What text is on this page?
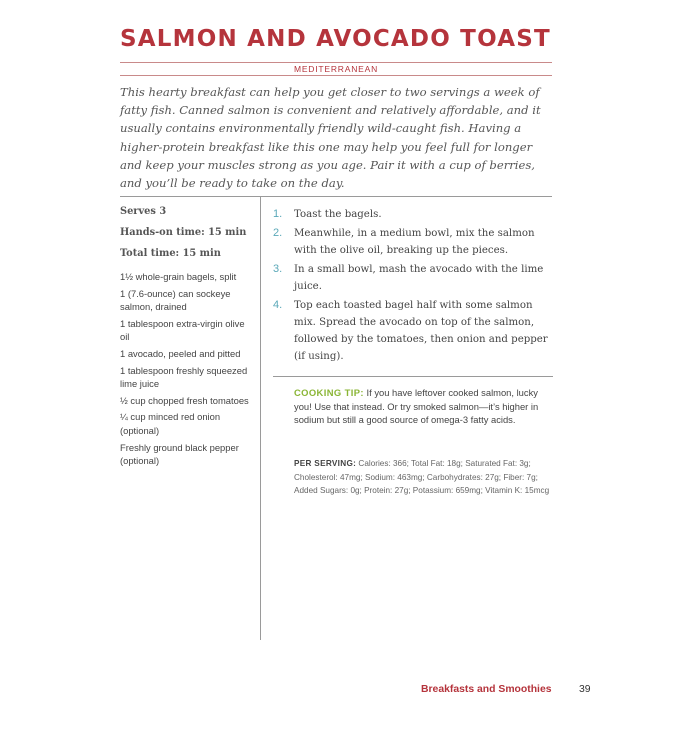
SALMON AND AVOCADO TOAST
MEDITERRANEAN

This hearty breakfast can help you get closer to two servings a week of fatty fish. Canned salmon is convenient and relatively affordable, and it usually contains environmentally friendly wild-caught fish. Having a higher-protein breakfast like this one may help you feel full for longer and keep your muscles strong as you age. Pair it with a cup of berries, and you’ll be ready to take on the day.

Serves 3

Hands-on time: 15 min

Total time: 15 min

1½ whole-grain bagels, split
1 (7.6-ounce) can sockeye salmon, drained
1 tablespoon extra-virgin olive oil
1 avocado, peeled and pitted
1 tablespoon freshly squeezed lime juice
½ cup chopped fresh tomatoes
¼ cup minced red onion (optional)
Freshly ground black pepper (optional)
1. Toast the bagels.
2. Meanwhile, in a medium bowl, mix the salmon with the olive oil, breaking up the pieces.
3. In a small bowl, mash the avocado with the lime juice.
4. Top each toasted bagel half with some salmon mix. Spread the avocado on top of the salmon, followed by the tomatoes, then onion and pepper (if using).

COOKING TIP: If you have leftover cooked salmon, lucky you! Use that instead. Or try smoked salmon—it’s higher in sodium but still a good source of omega-3 fatty acids.

PER SERVING: Calories: 366; Total Fat: 18g; Saturated Fat: 3g; Cholesterol: 47mg; Sodium: 463mg; Carbohydrates: 27g; Fiber: 7g; Added Sugars: 0g; Protein: 27g; Potassium: 659mg; Vitamin K: 15mcg

Breakfasts and Smoothies	39
